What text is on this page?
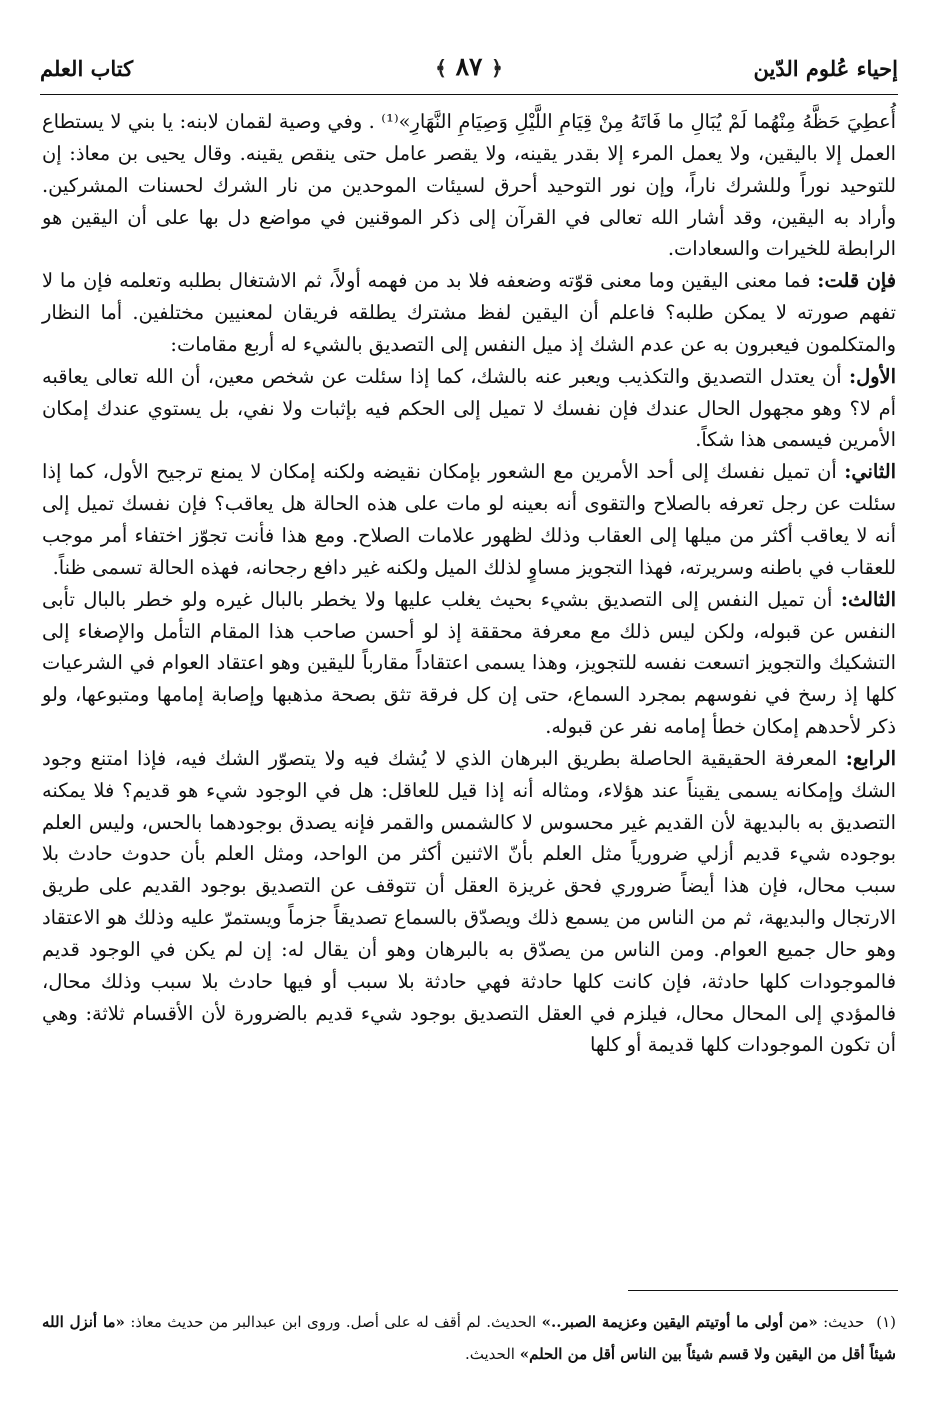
إحياء عُلوم الدّين
﴿ ٨٧ ﴾
كتاب العلم

أُعطِيَ حَظَّهُ مِنْهُما لَمْ يُبَالِ ما فَاتَهُ مِنْ قِيَامِ اللَّيْلِ وَصِيَامِ النَّهَارِ»⁽¹⁾ . وفي وصية لقمان لابنه: يا بني لا يستطاع العمل إلا باليقين، ولا يعمل المرء إلا بقدر يقينه، ولا يقصر عامل حتى ينقص يقينه. وقال يحيى بن معاذ: إن للتوحيد نوراً وللشرك ناراً، وإن نور التوحيد أحرق لسيئات الموحدين من نار الشرك لحسنات المشركين. وأراد به اليقين، وقد أشار الله تعالى في القرآن إلى ذكر الموقنين في مواضع دل بها على أن اليقين هو الرابطة للخيرات والسعادات.

فإن قلت: فما معنى اليقين وما معنى قوّته وضعفه فلا بد من فهمه أولاً، ثم الاشتغال بطلبه وتعلمه فإن ما لا تفهم صورته لا يمكن طلبه؟ فاعلم أن اليقين لفظ مشترك يطلقه فريقان لمعنيين مختلفين. أما النظار والمتكلمون فيعبرون به عن عدم الشك إذ ميل النفس إلى التصديق بالشيء له أربع مقامات:

الأول: أن يعتدل التصديق والتكذيب ويعبر عنه بالشك، كما إذا سئلت عن شخص معين، أن الله تعالى يعاقبه أم لا؟ وهو مجهول الحال عندك فإن نفسك لا تميل إلى الحكم فيه بإثبات ولا نفي، بل يستوي عندك إمكان الأمرين فيسمى هذا شكاً.

الثاني: أن تميل نفسك إلى أحد الأمرين مع الشعور بإمكان نقيضه ولكنه إمكان لا يمنع ترجيح الأول، كما إذا سئلت عن رجل تعرفه بالصلاح والتقوى أنه بعينه لو مات على هذه الحالة هل يعاقب؟ فإن نفسك تميل إلى أنه لا يعاقب أكثر من ميلها إلى العقاب وذلك لظهور علامات الصلاح. ومع هذا فأنت تجوّز اختفاء أمر موجب للعقاب في باطنه وسريرته، فهذا التجويز مساوٍ لذلك الميل ولكنه غير دافع رجحانه، فهذه الحالة تسمى ظناً.

الثالث: أن تميل النفس إلى التصديق بشيء بحيث يغلب عليها ولا يخطر بالبال غيره ولو خطر بالبال تأبى النفس عن قبوله، ولكن ليس ذلك مع معرفة محققة إذ لو أحسن صاحب هذا المقام التأمل والإصغاء إلى التشكيك والتجويز اتسعت نفسه للتجويز، وهذا يسمى اعتقاداً مقارباً لليقين وهو اعتقاد العوام في الشرعيات كلها إذ رسخ في نفوسهم بمجرد السماع، حتى إن كل فرقة تثق بصحة مذهبها وإصابة إمامها ومتبوعها، ولو ذكر لأحدهم إمكان خطأ إمامه نفر عن قبوله.

الرابع: المعرفة الحقيقية الحاصلة بطريق البرهان الذي لا يُشك فيه ولا يتصوّر الشك فيه، فإذا امتنع وجود الشك وإمكانه يسمى يقيناً عند هؤلاء، ومثاله أنه إذا قيل للعاقل: هل في الوجود شيء هو قديم؟ فلا يمكنه التصديق به بالبديهة لأن القديم غير محسوس لا كالشمس والقمر فإنه يصدق بوجودهما بالحس، وليس العلم بوجوده شيء قديم أزلي ضرورياً مثل العلم بأنّ الاثنين أكثر من الواحد، ومثل العلم بأن حدوث حادث بلا سبب محال، فإن هذا أيضاً ضروري فحق غريزة العقل أن تتوقف عن التصديق بوجود القديم على طريق الارتجال والبديهة، ثم من الناس من يسمع ذلك ويصدّق بالسماع تصديقاً جزماً ويستمرّ عليه وذلك هو الاعتقاد وهو حال جميع العوام. ومن الناس من يصدّق به بالبرهان وهو أن يقال له: إن لم يكن في الوجود قديم فالموجودات كلها حادثة، فإن كانت كلها حادثة فهي حادثة بلا سبب أو فيها حادث بلا سبب وذلك محال، فالمؤدي إلى المحال محال، فيلزم في العقل التصديق بوجود شيء قديم بالضرورة لأن الأقسام ثلاثة: وهي أن تكون الموجودات كلها قديمة أو كلها

(١)حديث: «من أولى ما أوتيتم اليقين وعزيمة الصبر..» الحديث. لم أقف له على أصل. وروى ابن عبدالبر من حديث معاذ: «ما أنزل الله شيئاً أقل من اليقين ولا قسم شيئاً بين الناس أقل من الحلم» الحديث.
